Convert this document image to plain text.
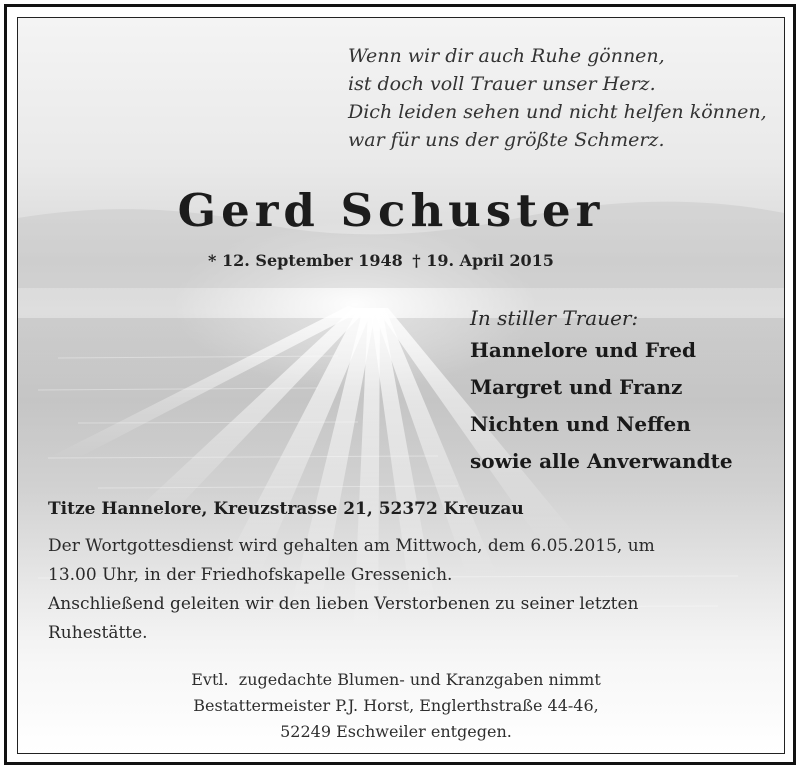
Wenn wir dir auch Ruhe gönnen,
ist doch voll Trauer unser Herz.
Dich leiden sehen und nicht helfen können,
war für uns der größte Schmerz.
Gerd Schuster
* 12. September 1948 † 19. April 2015
In stiller Trauer:
Hannelore und Fred
Margret und Franz
Nichten und Neffen
sowie alle Anverwandte
Titze Hannelore, Kreuzstrasse 21, 52372 Kreuzau
Der Wortgottesdienst wird gehalten am Mittwoch, dem 6.05.2015, um
13.00 Uhr, in der Friedhofskapelle Gressenich.
Anschließend geleiten wir den lieben Verstorbenen zu seiner letzten
Ruhestätte.
Evtl.  zugedachte Blumen- und Kranzgaben nimmt
Bestattermeister P.J. Horst, Englerthstraße 44-46,
52249 Eschweiler entgegen.
